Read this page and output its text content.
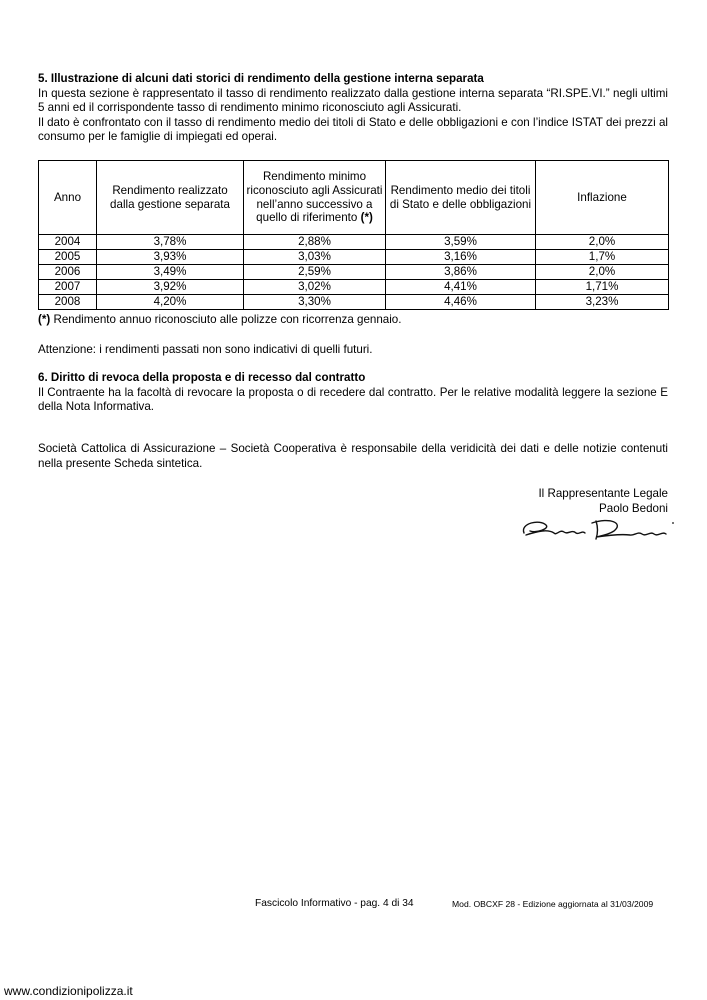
5. Illustrazione di alcuni dati storici di rendimento della gestione interna separata

In questa sezione è rappresentato il tasso di rendimento realizzato dalla gestione interna separata “RI.SPE.VI.” negli ultimi 5 anni ed il corrispondente tasso di rendimento minimo riconosciuto agli Assicurati.

Il dato è confrontato con il tasso di rendimento medio dei titoli di Stato e delle obbligazioni e con l’indice ISTAT dei prezzi al consumo per le famiglie di impiegati ed operai.

Anno	Rendimento realizzato dalla gestione separata	Rendimento minimo riconosciuto agli Assicurati nell’anno successivo a quello di riferimento (*)	Rendimento medio dei titoli di Stato e delle obbligazioni	Inflazione
2004	3,78%	2,88%	3,59%	2,0%
2005	3,93%	3,03%	3,16%	1,7%
2006	3,49%	2,59%	3,86%	2,0%
2007	3,92%	3,02%	4,41%	1,71%
2008	4,20%	3,30%	4,46%	3,23%

(*) Rendimento annuo riconosciuto alle polizze con ricorrenza gennaio.

Attenzione: i rendimenti passati non sono indicativi di quelli futuri.

6. Diritto di revoca della proposta e di recesso dal contratto

Il Contraente ha la facoltà di revocare la proposta o di recedere dal contratto. Per le relative modalità leggere la sezione E della Nota Informativa.

Società Cattolica di Assicurazione – Società Cooperativa è responsabile della veridicità dei dati e delle notizie contenuti nella presente Scheda sintetica.

Il Rappresentante Legale

Paolo Bedoni

Fascicolo Informativo - pag. 4 di 34	Mod. OBCXF 28 - Edizione aggiornata al 31/03/2009
www.condizionipolizza.it
